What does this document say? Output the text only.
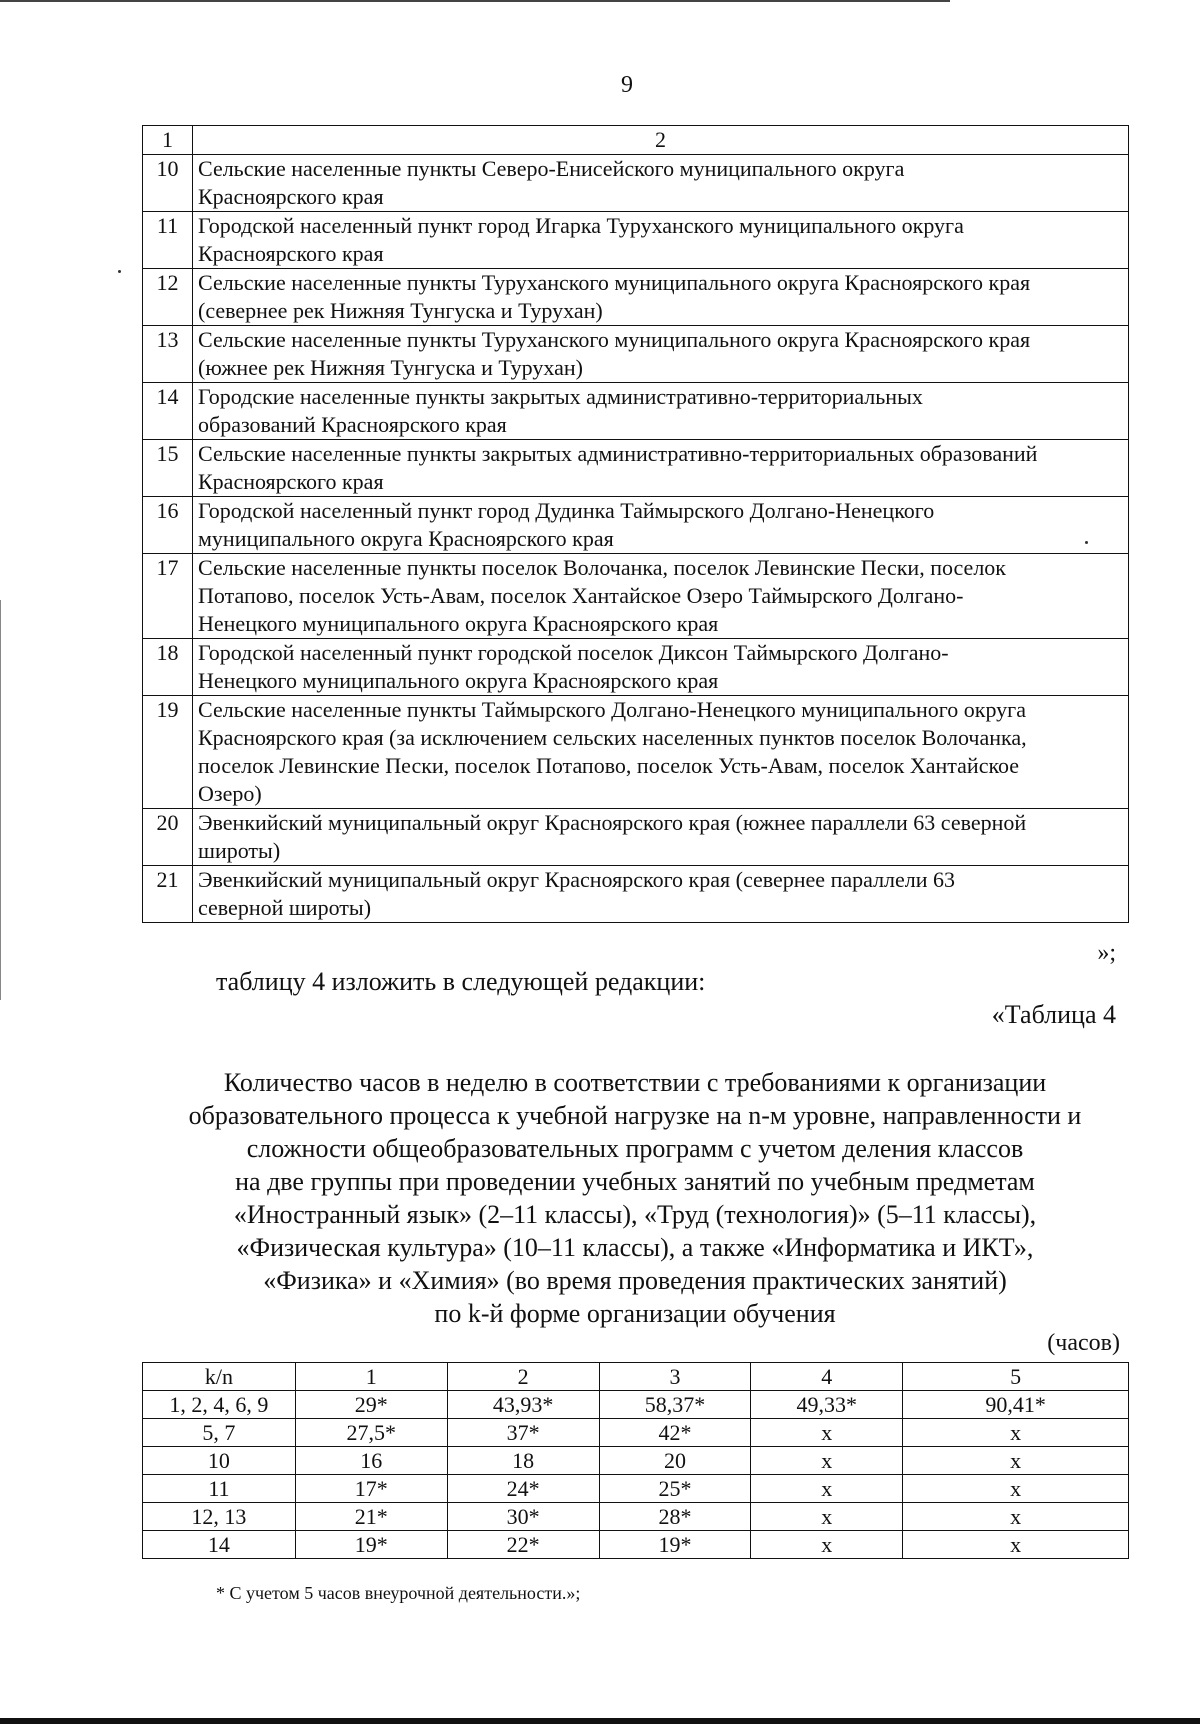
9
1	2
10	Сельские населенные пункты Северо-Енисейского муниципального округа
Красноярского края

11	Городской населенный пункт город Игарка Туруханского муниципального округа
Красноярского края

12	Сельские населенные пункты Туруханского муниципального округа Красноярского края
(севернее рек Нижняя Тунгуска и Турухан)

13	Сельские населенные пункты Туруханского муниципального округа Красноярского края
(южнее рек Нижняя Тунгуска и Турухан)

14	Городские населенные пункты закрытых административно-территориальных
образований Красноярского края

15	Сельские населенные пункты закрытых административно-территориальных образований
Красноярского края

16	Городской населенный пункт город Дудинка Таймырского Долгано-Ненецкого
муниципального округа Красноярского края

17	Сельские населенные пункты поселок Волочанка, поселок Левинские Пески, поселок
Потапово, поселок Усть-Авам, поселок Хантайское Озеро Таймырского Долгано-
Ненецкого муниципального округа Красноярского края

18	Городской населенный пункт городской поселок Диксон Таймырского Долгано-
Ненецкого муниципального округа Красноярского края

19	Сельские населенные пункты Таймырского Долгано-Ненецкого муниципального округа
Красноярского края (за исключением сельских населенных пунктов поселок Волочанка,
поселок Левинские Пески, поселок Потапово, поселок Усть-Авам, поселок Хантайское
Озеро)

20	Эвенкийский муниципальный округ Красноярского края (южнее параллели 63 северной
широты)

21	Эвенкийский муниципальный округ Красноярского края (севернее параллели 63
северной широты)
»;
таблицу 4 изложить в следующей редакции:
«Таблица 4
Количество часов в неделю в соответствии с требованиями к организации
образовательного процесса к учебной нагрузке на n-м уровне, направленности и
сложности общеобразовательных программ с учетом деления классов
на две группы при проведении учебных занятий по учебным предметам
«Иностранный язык» (2–11 классы), «Труд (технология)» (5–11 классы),
«Физическая культура» (10–11 классы), а также «Информатика и ИКТ»,
«Физика» и «Химия» (во время проведения практических занятий)
по k-й форме организации обучения
(часов)
k/n	1	2	3	4	5
1, 2, 4, 6, 9	29*	43,93*	58,37*	49,33*	90,41*
5, 7	27,5*	37*	42*	х	х
10	16	18	20	х	х
11	17*	24*	25*	х	х
12, 13	21*	30*	28*	х	х
14	19*	22*	19*	х	х
* С учетом 5 часов внеурочной деятельности.»;
